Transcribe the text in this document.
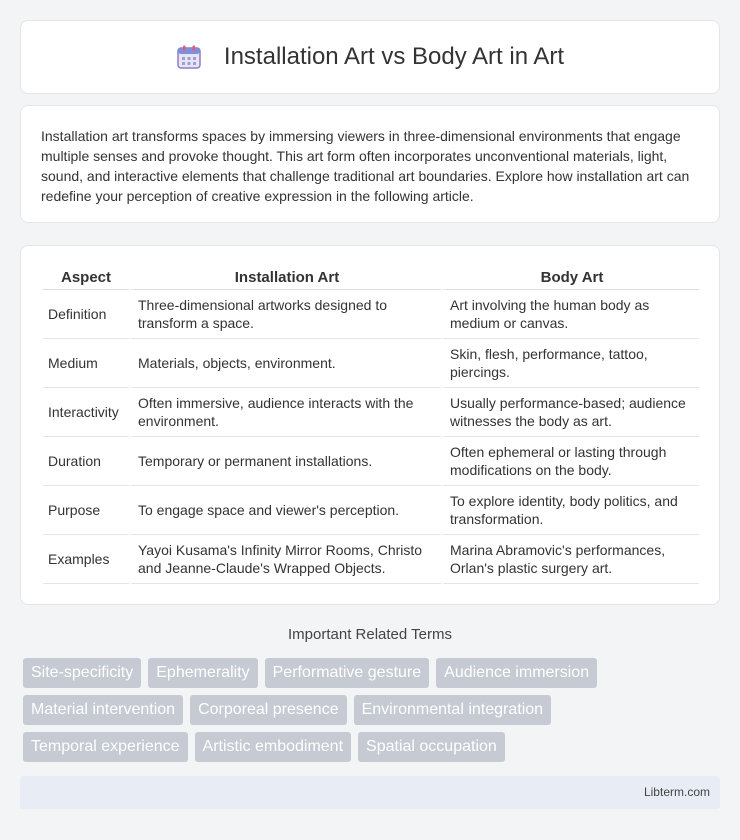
Installation Art vs Body Art in Art

Installation art transforms spaces by immersing viewers in three-dimensional environments that engage multiple senses and provoke thought. This art form often incorporates unconventional materials, light, sound, and interactive elements that challenge traditional art boundaries. Explore how installation art can redefine your perception of creative expression in the following article.

Aspect	Installation Art	Body Art
Definition	Three-dimensional artworks designed to transform a space.	Art involving the human body as medium or canvas.
Medium	Materials, objects, environment.	Skin, flesh, performance, tattoo, piercings.
Interactivity	Often immersive, audience interacts with the environment.	Usually performance-based; audience witnesses the body as art.
Duration	Temporary or permanent installations.	Often ephemeral or lasting through modifications on the body.
Purpose	To engage space and viewer's perception.	To explore identity, body politics, and transformation.
Examples	Yayoi Kusama's Infinity Mirror Rooms, Christo and Jeanne-Claude's Wrapped Objects.	Marina Abramovic's performances, Orlan's plastic surgery art.
Important Related Terms
Site-specificity	Ephemerality	Performative gesture	Audience immersion
Material intervention	Corporeal presence	Environmental integration
Temporal experience	Artistic embodiment	Spatial occupation
Libterm.com
